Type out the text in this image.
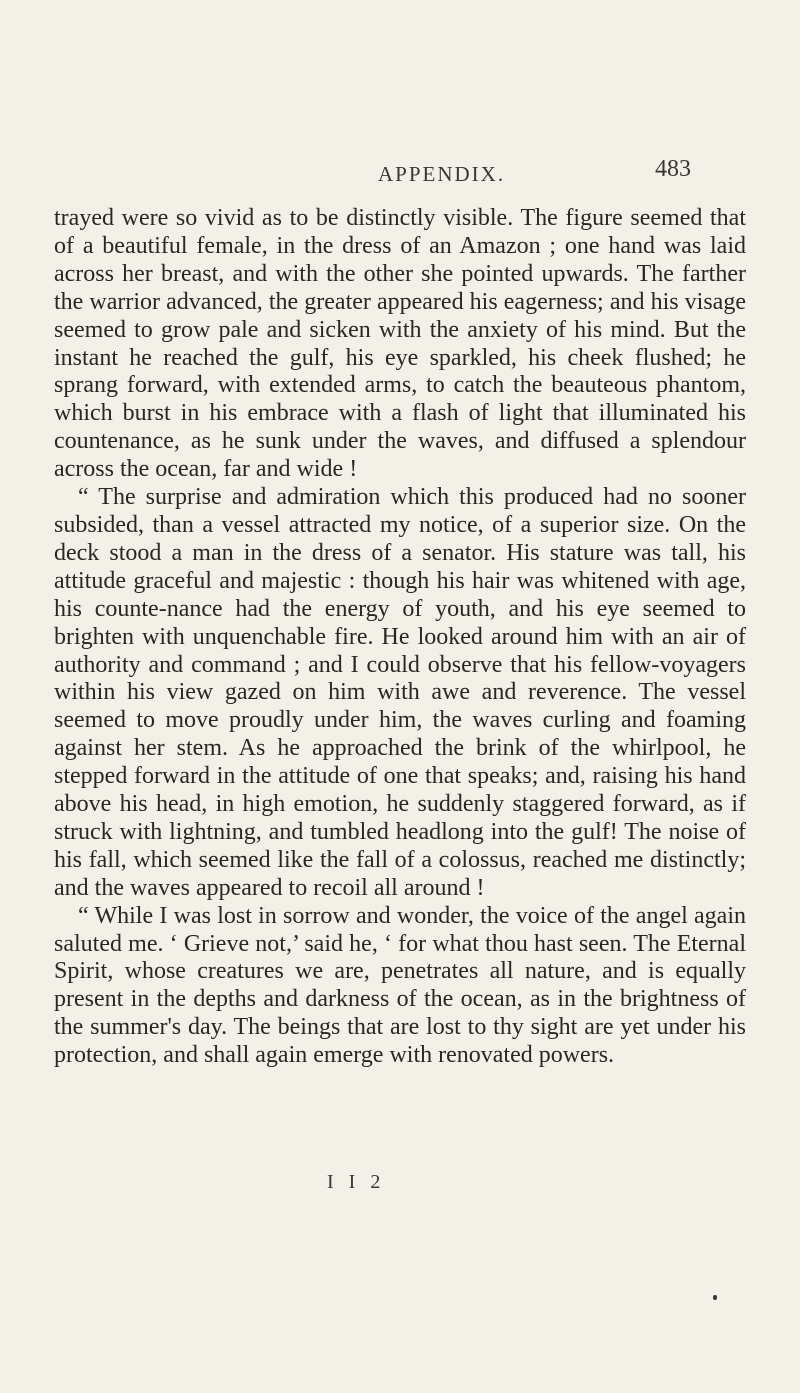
APPENDIX.	483

trayed were so vivid as to be distinctly visible. The figure seemed that of a beautiful female, in the dress of an Amazon ; one hand was laid across her breast, and with the other she pointed upwards. The farther the warrior advanced, the greater appeared his eagerness; and his visage seemed to grow pale and sicken with the anxiety of his mind. But the instant he reached the gulf, his eye sparkled, his cheek flushed; he sprang forward, with extended arms, to catch the beauteous phantom, which burst in his embrace with a flash of light that illuminated his countenance, as he sunk under the waves, and diffused a splendour across the ocean, far and wide !

“ The surprise and admiration which this produced had no sooner subsided, than a vessel attracted my notice, of a superior size. On the deck stood a man in the dress of a senator. His stature was tall, his attitude graceful and majestic : though his hair was whitened with age, his counte-nance had the energy of youth, and his eye seemed to brighten with unquenchable fire. He looked around him with an air of authority and command ; and I could observe that his fellow-voyagers within his view gazed on him with awe and reverence. The vessel seemed to move proudly under him, the waves curling and foaming against her stem. As he approached the brink of the whirlpool, he stepped forward in the attitude of one that speaks; and, raising his hand above his head, in high emotion, he suddenly staggered forward, as if struck with lightning, and tumbled headlong into the gulf! The noise of his fall, which seemed like the fall of a colossus, reached me distinctly; and the waves appeared to recoil all around !

“ While I was lost in sorrow and wonder, the voice of the angel again saluted me. ‘ Grieve not,’ said he, ‘ for what thou hast seen. The Eternal Spirit, whose creatures we are, penetrates all nature, and is equally present in the depths and darkness of the ocean, as in the brightness of the summer's day. The beings that are lost to thy sight are yet under his protection, and shall again emerge with renovated powers.

I I 2
